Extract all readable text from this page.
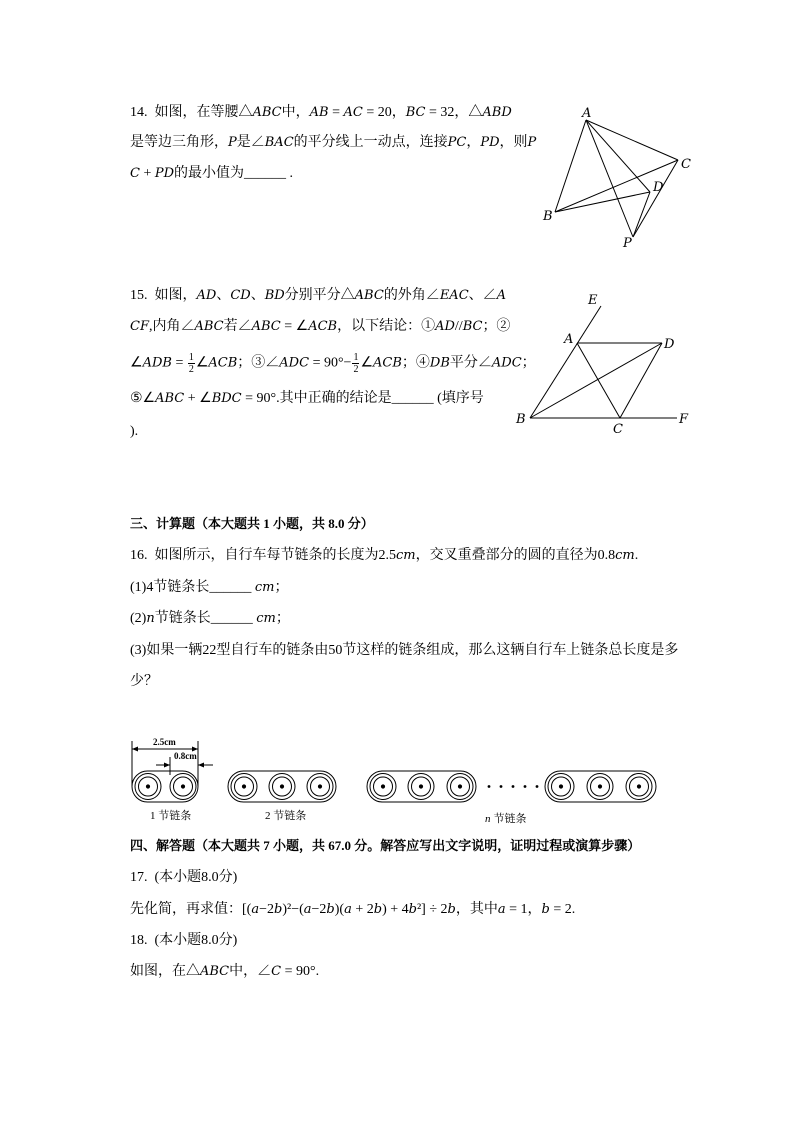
14.  如图，在等腰△ABC中，AB = AC = 20，BC = 32，△ABD
是等边三角形，P是∠BAC的平分线上一动点，连接PC，PD，则P
C + PD的最小值为______ .
A
C
D
B
P
15.  如图，AD、CD、BD分别平分△ABC的外角∠EAC、∠A
CF,内角∠ABC若∠ABC = ∠ACB，以下结论：①AD//BC；②
∠ADB = $\frac{1}{2}$ ∠ACB；③∠ADC = $90^\circ- \frac{1}{2}$ ∠ACB；④DB平分∠ADC；
⑤∠ABC + ∠BDC = 90°.其中正确的结论是______ (填序号
).
E
A	D
B
C
F
三、计算题（本大题共 1 小题，共 8.0 分）
16.  如图所示，自行车每节链条的长度为2.5cm，交叉重叠部分的圆的直径为0.8cm.
(1)4节链条长______ cm；
(2)n节链条长______ cm；
(3)如果一辆22型自行车的链条由50节这样的链条组成，那么这辆自行车上链条总长度是多
少？
2.5cm
0.8cm
1 节链条	2 节链条	n 节链条
四、解答题（本大题共 7 小题，共 67.0 分。解答应写出文字说明，证明过程或演算步骤）
17.  (本小题8.0分)
先化简，再求值：[(a−2b)²−(a−2b)(a + 2b) + 4b²] ÷ 2b，其中a = 1，b = 2.
18.  (本小题8.0分)
如图，在△ABC中，∠C = 90°.
